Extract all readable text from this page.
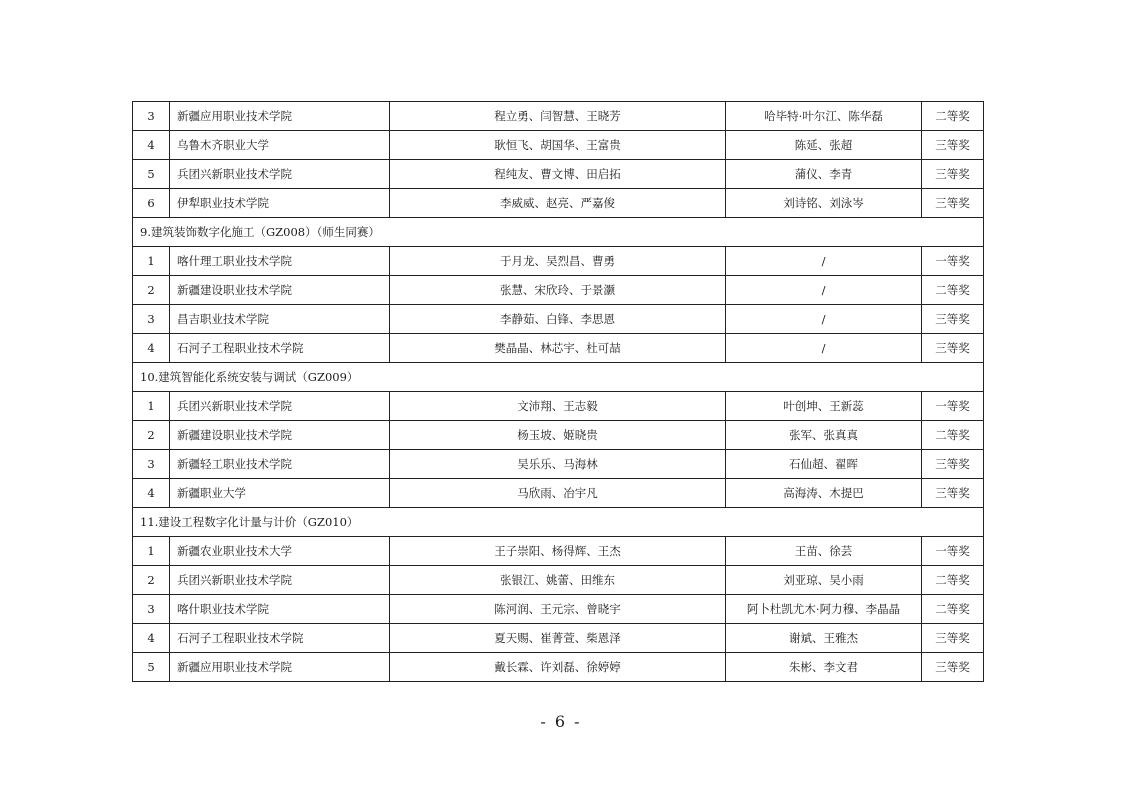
3	新疆应用职业技术学院	程立勇、闫智慧、王晓芳	哈毕特·叶尔江、陈华磊	二等奖
4	乌鲁木齐职业大学	耿恒飞、胡国华、王富贵	陈延、张超	三等奖
5	兵团兴新职业技术学院	程纯友、曹文博、田启拓	蒲仪、李青	三等奖
6	伊犁职业技术学院	李威威、赵亮、严嘉俊	刘诗铭、刘泳岑	三等奖
9.建筑装饰数字化施工（GZ008）（师生同赛）				
1	喀什理工职业技术学院	于月龙、吴烈昌、曹勇	/	一等奖
2	新疆建设职业技术学院	张慧、宋欣玲、于景灏	/	二等奖
3	昌吉职业技术学院	李静茹、白锋、李思恩	/	三等奖
4	石河子工程职业技术学院	樊晶晶、林芯宇、杜可喆	/	三等奖
10.建筑智能化系统安装与调试（GZ009）				
1	兵团兴新职业技术学院	文沛翔、王志毅	叶创坤、王新蕊	一等奖
2	新疆建设职业技术学院	杨玉坡、姬晓贵	张军、张真真	二等奖
3	新疆轻工职业技术学院	吴乐乐、马海林	石仙超、翟晖	三等奖
4	新疆职业大学	马欣雨、冶宇凡	高海涛、木提巴	三等奖
11.建设工程数字化计量与计价（GZ010）				
1	新疆农业职业技术大学	王子崇阳、杨得辉、王杰	王苗、徐芸	一等奖
2	兵团兴新职业技术学院	张银江、姚蕾、田维东	刘亚琼、吴小雨	二等奖
3	喀什职业技术学院	陈河润、王元宗、曾晓宇	阿卜杜凯尤木·阿力穆、李晶晶	二等奖
4	石河子工程职业技术学院	夏天赐、崔菁萱、柴恩泽	谢斌、王雅杰	三等奖
5	新疆应用职业技术学院	戴长霖、许刘磊、徐婷婷	朱彬、李文君	三等奖
- 6 -
